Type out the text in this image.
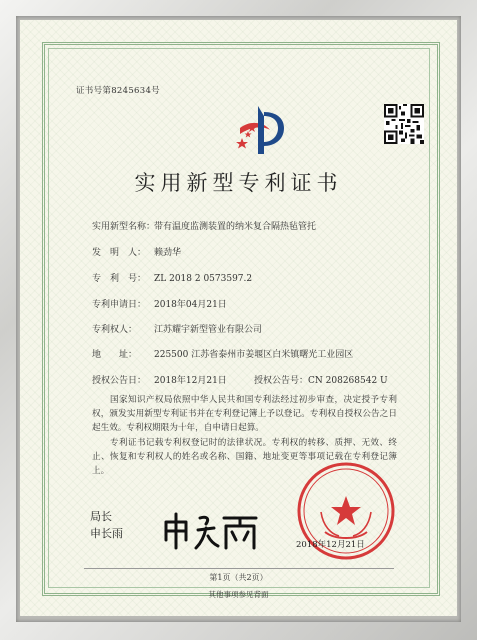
证书号第8245634号
实用新型专利证书
实用新型名称：带有温度监测装置的纳米复合隔热毡管托
发　明　人： 赖劲华
专　利　号： ZL 2018 2 0573597.2
专利申请日： 2018年04月21日
专利权人： 江苏耀宇新型管业有限公司
地　　址： 225500 江苏省泰州市姜堰区白米镇曙光工业园区
授权公告日： 2018年12月21日	授权公告号：CN 208268542 U
国家知识产权局依照中华人民共和国专利法经过初步审查，决定授予专利权，颁发实用新型专利证书并在专利登记簿上予以登记。专利权自授权公告之日起生效。专利权期限为十年，自申请日起算。
专利证书记载专利权登记时的法律状况。专利权的转移、质押、无效、终止、恢复和专利权人的姓名或名称、国籍、地址变更等事项记载在专利登记簿上。
局长
申长雨
2018年12月21日
第1页（共2页）
其他事项参见背面
